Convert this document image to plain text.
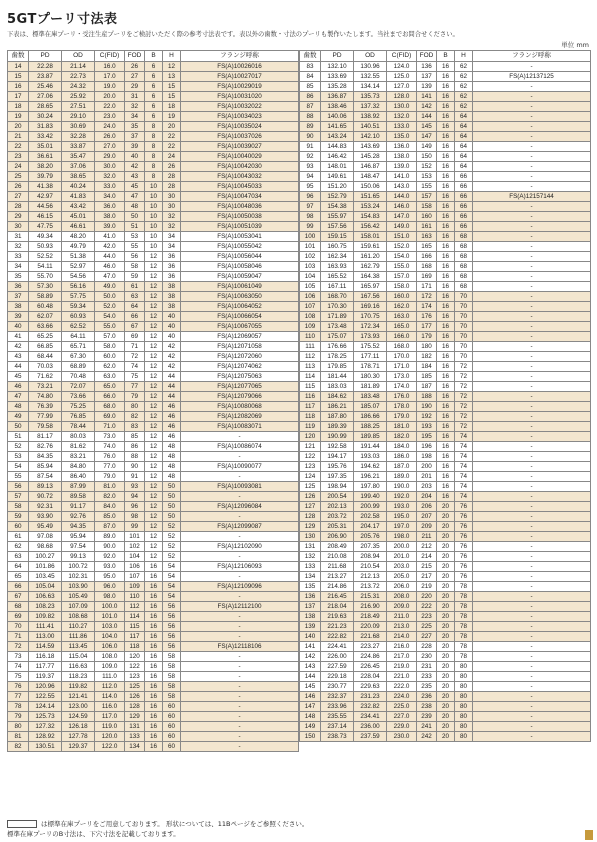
5GTプーリ寸法表
下表は、標準在庫プーリ・受注生産プーリをご検討いただく際の参考寸法表です。表以外の歯数・寸法のプーリも製作いたします。当社までお問合せください。
単位 mm
歯数	PD	OD	C(FID)	FOD	B	H	フランジ呼称
14	22.28	21.14	16.0	26	6	12	FS(A)10026016
15	23.87	22.73	17.0	27	6	13	FS(A)10027017
16	25.46	24.32	19.0	29	6	15	FS(A)10029019
17	27.06	25.92	20.0	31	6	15	FS(A)10031020
18	28.65	27.51	22.0	32	6	18	FS(A)10032022
19	30.24	29.10	23.0	34	6	19	FS(A)10034023
20	31.83	30.69	24.0	35	8	20	FS(A)10035024
21	33.42	32.28	26.0	37	8	22	FS(A)10037026
22	35.01	33.87	27.0	39	8	22	FS(A)10039027
23	36.61	35.47	29.0	40	8	24	FS(A)10040029
24	38.20	37.06	30.0	42	8	26	FS(A)10042030
25	39.79	38.65	32.0	43	8	28	FS(A)10043032
26	41.38	40.24	33.0	45	10	28	FS(A)10045033
27	42.97	41.83	34.0	47	10	30	FS(A)10047034
28	44.56	43.42	36.0	48	10	30	FS(A)10048036
29	46.15	45.01	38.0	50	10	32	FS(A)10050038
30	47.75	46.61	39.0	51	10	32	FS(A)10051039
31	49.34	48.20	41.0	53	10	34	FS(A)10053041
32	50.93	49.79	42.0	55	10	34	FS(A)10055042
33	52.52	51.38	44.0	56	12	36	FS(A)10056044
34	54.11	52.97	46.0	58	12	36	FS(A)10058046
35	55.70	54.56	47.0	59	12	36	FS(A)10059047
36	57.30	56.16	49.0	61	12	38	FS(A)10061049
37	58.89	57.75	50.0	63	12	38	FS(A)10063050
38	60.48	59.34	52.0	64	12	38	FS(A)10064052
39	62.07	60.93	54.0	66	12	40	FS(A)10066054
40	63.66	62.52	55.0	67	12	40	FS(A)10067055
41	65.25	64.11	57.0	69	12	40	FS(A)12069057
42	66.85	65.71	58.0	71	12	42	FS(A)12071058
43	68.44	67.30	60.0	72	12	42	FS(A)12072060
44	70.03	68.89	62.0	74	12	42	FS(A)12074062
45	71.62	70.48	63.0	75	12	44	FS(A)12075063
46	73.21	72.07	65.0	77	12	44	FS(A)12077065
47	74.80	73.66	66.0	79	12	44	FS(A)12079066
48	76.39	75.25	68.0	80	12	46	FS(A)10080068
49	77.99	76.85	69.0	82	12	46	FS(A)12082069
50	79.58	78.44	71.0	83	12	46	FS(A)10083071
51	81.17	80.03	73.0	85	12	46	-
52	82.76	81.62	74.0	86	12	48	FS(A)10086074
53	84.35	83.21	76.0	88	12	48	-
54	85.94	84.80	77.0	90	12	48	FS(A)10090077
55	87.54	86.40	79.0	91	12	48	-
56	89.13	87.99	81.0	93	12	50	FS(A)10093081
57	90.72	89.58	82.0	94	12	50	-
58	92.31	91.17	84.0	96	12	50	FS(A)12096084
59	93.90	92.76	85.0	98	12	50	-
60	95.49	94.35	87.0	99	12	52	FS(A)12099087
61	97.08	95.94	89.0	101	12	52	-
62	98.68	97.54	90.0	102	12	52	FS(A)12102090
63	100.27	99.13	92.0	104	12	52	-
64	101.86	100.72	93.0	106	16	54	FS(A)12106093
65	103.45	102.31	95.0	107	16	54	-
66	105.04	103.90	96.0	109	16	54	FS(A)12109096
67	106.63	105.49	98.0	110	16	54	-
68	108.23	107.09	100.0	112	16	56	FS(A)12112100
69	109.82	108.68	101.0	114	16	56	-
70	111.41	110.27	103.0	115	16	56	-
71	113.00	111.86	104.0	117	16	56	-
72	114.59	113.45	106.0	118	16	56	FS(A)12118106
73	116.18	115.04	108.0	120	16	58	-
74	117.77	116.63	109.0	122	16	58	-
75	119.37	118.23	111.0	123	16	58	-
76	120.96	119.82	112.0	125	16	58	-
77	122.55	121.41	114.0	126	16	58	-
78	124.14	123.00	116.0	128	16	60	-
79	125.73	124.59	117.0	129	16	60	-
80	127.32	126.18	119.0	131	16	60	-
81	128.92	127.78	120.0	133	16	60	-
82	130.51	129.37	122.0	134	16	60	-
歯数	PD	OD	C(FID)	FOD	B	H	フランジ呼称
83	132.10	130.96	124.0	136	16	62	-
84	133.69	132.55	125.0	137	16	62	FS(A)12137125
85	135.28	134.14	127.0	139	16	62	-
86	136.87	135.73	128.0	141	16	62	-
87	138.46	137.32	130.0	142	16	62	-
88	140.06	138.92	132.0	144	16	64	-
89	141.65	140.51	133.0	145	16	64	-
90	143.24	142.10	135.0	147	16	64	-
91	144.83	143.69	136.0	149	16	64	-
92	146.42	145.28	138.0	150	16	64	-
93	148.01	146.87	139.0	152	16	64	-
94	149.61	148.47	141.0	153	16	66	-
95	151.20	150.06	143.0	155	16	66	-
96	152.79	151.65	144.0	157	16	66	FS(A)12157144
97	154.38	153.24	146.0	158	16	66	-
98	155.97	154.83	147.0	160	16	66	-
99	157.56	156.42	149.0	161	16	66	-
100	159.15	158.01	151.0	163	16	68	-
101	160.75	159.61	152.0	165	16	68	-
102	162.34	161.20	154.0	166	16	68	-
103	163.93	162.79	155.0	168	16	68	-
104	165.52	164.38	157.0	169	16	68	-
105	167.11	165.97	158.0	171	16	68	-
106	168.70	167.56	160.0	172	16	70	-
107	170.30	169.16	162.0	174	16	70	-
108	171.89	170.75	163.0	176	16	70	-
109	173.48	172.34	165.0	177	16	70	-
110	175.07	173.93	166.0	179	16	70	-
111	176.66	175.52	168.0	180	16	70	-
112	178.25	177.11	170.0	182	16	70	-
113	179.85	178.71	171.0	184	16	72	-
114	181.44	180.30	173.0	185	16	72	-
115	183.03	181.89	174.0	187	16	72	-
116	184.62	183.48	176.0	188	16	72	-
117	186.21	185.07	178.0	190	16	72	-
118	187.80	186.66	179.0	192	16	72	-
119	189.39	188.25	181.0	193	16	72	-
120	190.99	189.85	182.0	195	16	74	-
121	192.58	191.44	184.0	196	16	74	-
122	194.17	193.03	186.0	198	16	74	-
123	195.76	194.62	187.0	200	16	74	-
124	197.35	196.21	189.0	201	16	74	-
125	198.94	197.80	190.0	203	16	74	-
126	200.54	199.40	192.0	204	16	74	-
127	202.13	200.99	193.0	206	20	76	-
128	203.72	202.58	195.0	207	20	76	-
129	205.31	204.17	197.0	209	20	76	-
130	206.90	205.76	198.0	211	20	76	-
131	208.49	207.35	200.0	212	20	76	-
132	210.08	208.94	201.0	214	20	76	-
133	211.68	210.54	203.0	215	20	76	-
134	213.27	212.13	205.0	217	20	76	-
135	214.86	213.72	206.0	219	20	78	-
136	216.45	215.31	208.0	220	20	78	-
137	218.04	216.90	209.0	222	20	78	-
138	219.63	218.49	211.0	223	20	78	-
139	221.23	220.09	213.0	225	20	78	-
140	222.82	221.68	214.0	227	20	78	-
141	224.41	223.27	216.0	228	20	78	-
142	226.00	224.86	217.0	230	20	78	-
143	227.59	226.45	219.0	231	20	80	-
144	229.18	228.04	221.0	233	20	80	-
145	230.77	229.63	222.0	235	20	80	-
146	232.37	231.23	224.0	236	20	80	-
147	233.96	232.82	225.0	238	20	80	-
148	235.55	234.41	227.0	239	20	80	-
149	237.14	236.00	229.0	241	20	80	-
150	238.73	237.59	230.0	242	20	80	-
は標準在庫プーリをご用意しております。 形状については、11Bページをご参照ください。
標準在庫プーリのB寸法は、下穴寸法を記載しております。
